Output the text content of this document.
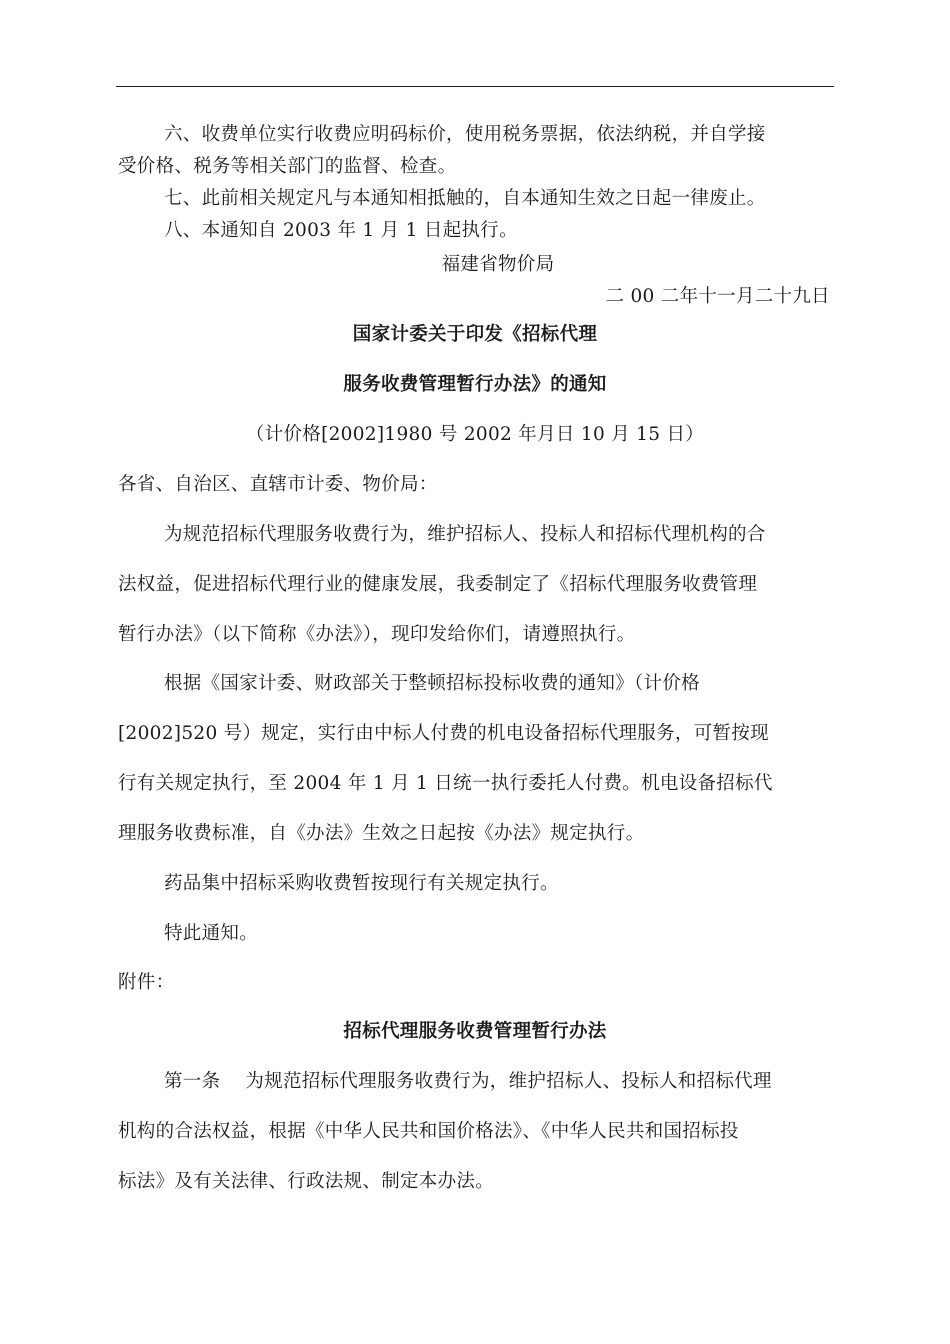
六、收费单位实行收费应明码标价，使用税务票据，依法纳税，并自学接
受价格、税务等相关部门的监督、检查。
七、此前相关规定凡与本通知相抵触的，自本通知生效之日起一律废止。
八、本通知自 2003 年 1 月 1 日起执行。
福建省物价局
二 00 二年十一月二十九日
国家计委关于印发《招标代理
服务收费管理暂行办法》的通知
（计价格[2002]1980 号 2002 年月日 10 月 15 日）
各省、自治区、直辖市计委、物价局：
为规范招标代理服务收费行为，维护招标人、投标人和招标代理机构的合
法权益，促进招标代理行业的健康发展，我委制定了《招标代理服务收费管理
暂行办法》（以下简称《办法》），现印发给你们，请遵照执行。
根据《国家计委、财政部关于整顿招标投标收费的通知》（计价格
[2002]520 号）规定，实行由中标人付费的机电设备招标代理服务，可暂按现
行有关规定执行，至 2004 年 1 月 1 日统一执行委托人付费。机电设备招标代
理服务收费标准，自《办法》生效之日起按《办法》规定执行。
药品集中招标采购收费暂按现行有关规定执行。
特此通知。
附件：
招标代理服务收费管理暂行办法
第一条　 为规范招标代理服务收费行为，维护招标人、投标人和招标代理
机构的合法权益，根据《中华人民共和国价格法》、《中华人民共和国招标投
标法》及有关法律、行政法规、制定本办法。
